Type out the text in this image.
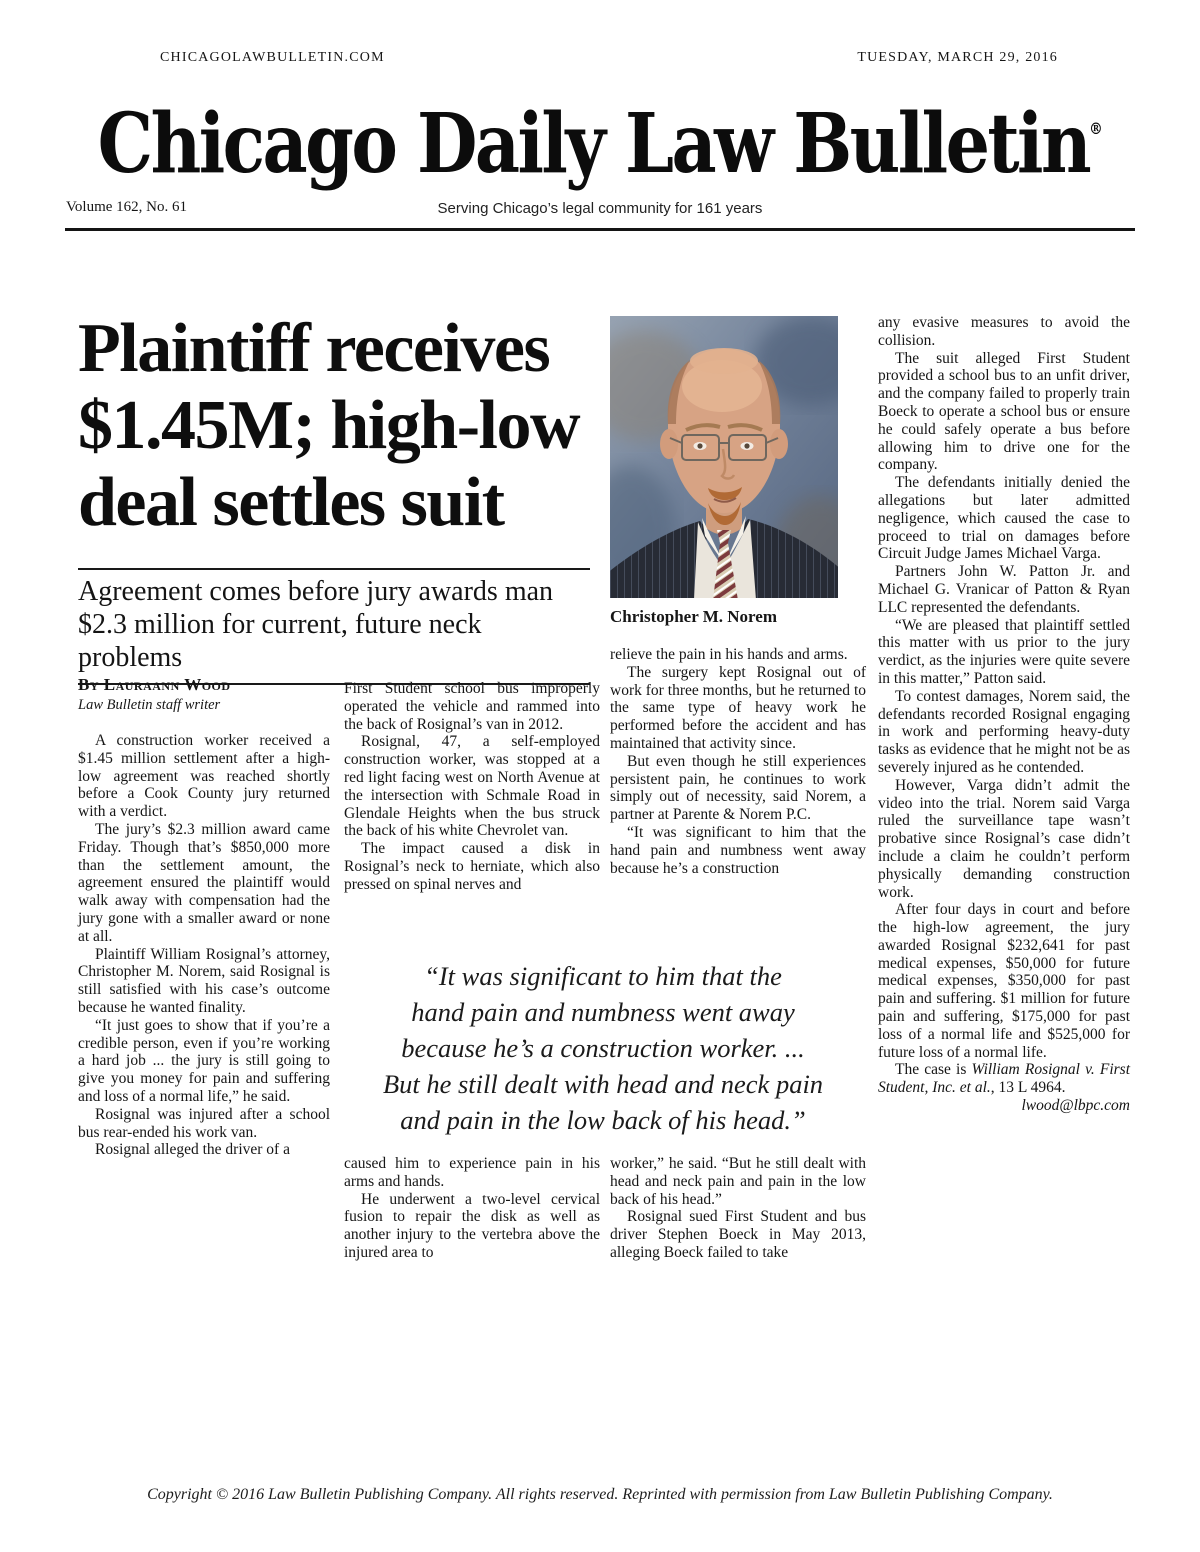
CHICAGOLAWBULLETIN.COM	TUESDAY, MARCH 29, 2016
Chicago Daily Law Bulletin®
Volume 162, No. 61	Serving Chicago’s legal community for 161 years
Plaintiff receives
$1.45M; high-low
deal settles suit
Agreement comes before jury awards man
$2.3 million for current, future neck problems
By Lauraann Wood
Law Bulletin staff writer
Christopher M. Norem

A construction worker received a $1.45 million settlement after a high-low agreement was reached shortly before a Cook County jury returned with a verdict.

The jury’s $2.3 million award came Friday. Though that’s $850,000 more than the settlement amount, the agreement ensured the plaintiff would walk away with compensation had the jury gone with a smaller award or none at all.

Plaintiff William Rosignal’s attorney, Christopher M. Norem, said Rosignal is still satisfied with his case’s outcome because he wanted finality.

“It just goes to show that if you’re a credible person, even if you’re working a hard job ... the jury is still going to give you money for pain and suffering and loss of a normal life,” he said.

Rosignal was injured after a school bus rear-ended his work van.

Rosignal alleged the driver of a

First Student school bus improperly operated the vehicle and rammed into the back of Rosignal’s van in 2012.

Rosignal, 47, a self-employed construction worker, was stopped at a red light facing west on North Avenue at the intersection with Schmale Road in Glendale Heights when the bus struck the back of his white Chevrolet van.

The impact caused a disk in Rosignal’s neck to herniate, which also pressed on spinal nerves and

caused him to experience pain in his arms and hands.

He underwent a two-level cervical fusion to repair the disk as well as another injury to the vertebra above the injured area to

relieve the pain in his hands and arms.

The surgery kept Rosignal out of work for three months, but he returned to the same type of heavy work he performed before the accident and has maintained that activity since.

But even though he still experiences persistent pain, he continues to work simply out of necessity, said Norem, a partner at Parente & Norem P.C.

“It was significant to him that the hand pain and numbness went away because he’s a construction

worker,” he said. “But he still dealt with head and neck pain and pain in the low back of his head.”

Rosignal sued First Student and bus driver Stephen Boeck in May 2013, alleging Boeck failed to take

any evasive measures to avoid the collision.

The suit alleged First Student provided a school bus to an unfit driver, and the company failed to properly train Boeck to operate a school bus or ensure he could safely operate a bus before allowing him to drive one for the company.

The defendants initially denied the allegations but later admitted negligence, which caused the case to proceed to trial on damages before Circuit Judge James Michael Varga.

Partners John W. Patton Jr. and Michael G. Vranicar of Patton & Ryan LLC represented the defendants.

“We are pleased that plaintiff settled this matter with us prior to the jury verdict, as the injuries were quite severe in this matter,” Patton said.

To contest damages, Norem said, the defendants recorded Rosignal engaging in work and performing heavy-duty tasks as evidence that he might not be as severely injured as he contended.

However, Varga didn’t admit the video into the trial. Norem said Varga ruled the surveillance tape wasn’t probative since Rosignal’s case didn’t include a claim he couldn’t perform physically demanding construction work.

After four days in court and before the high-low agreement, the jury awarded Rosignal $232,641 for past medical expenses, $50,000 for future medical expenses, $350,000 for past pain and suffering. $1 million for future pain and suffering, $175,000 for past loss of a normal life and $525,000 for future loss of a normal life.

The case is William Rosignal v. First Student, Inc. et al., 13 L 4964.

lwood@lbpc.com

“It was significant to him that the

hand pain and numbness went away

because he’s a construction worker. ...

But he still dealt with head and neck pain

and pain in the low back of his head.”

Copyright © 2016 Law Bulletin Publishing Company. All rights reserved. Reprinted with permission from Law Bulletin Publishing Company.
